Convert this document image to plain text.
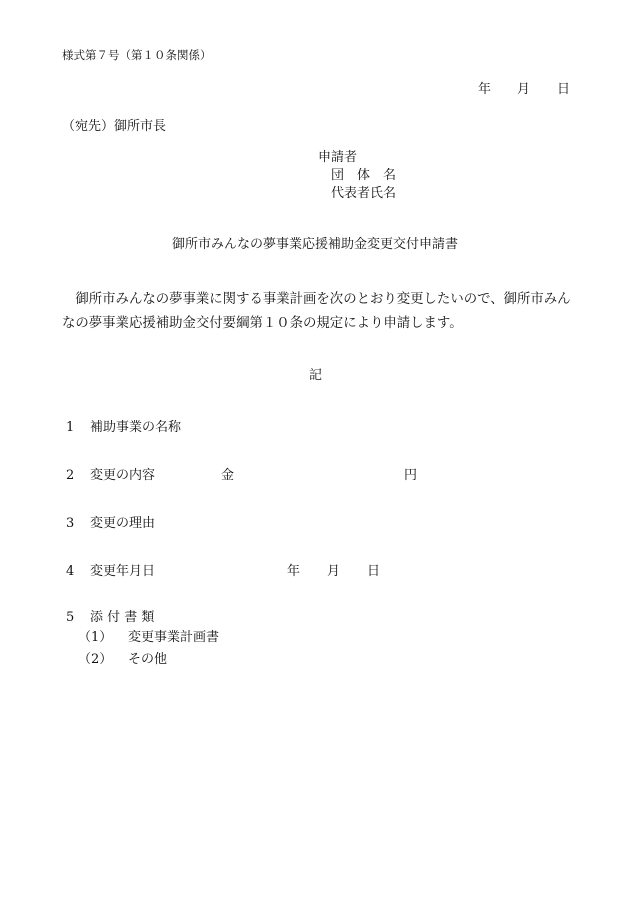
様式第７号（第１０条関係）
年 月 日
（宛先）御所市長
申請者
団　体　名
代表者氏名
御所市みんなの夢事業応援補助金変更交付申請書
　御所市みんなの夢事業に関する事業計画を次のとおり変更したいので、御所市みん
なの夢事業応援補助金交付要綱第１０条の規定により申請します。
記
1 補助事業の名称
2 変更の内容	金	円
3 変更の理由
4 変更年月日	年 月 日
5 添 付 書 類
（1） 変更事業計画書
（2） その他
